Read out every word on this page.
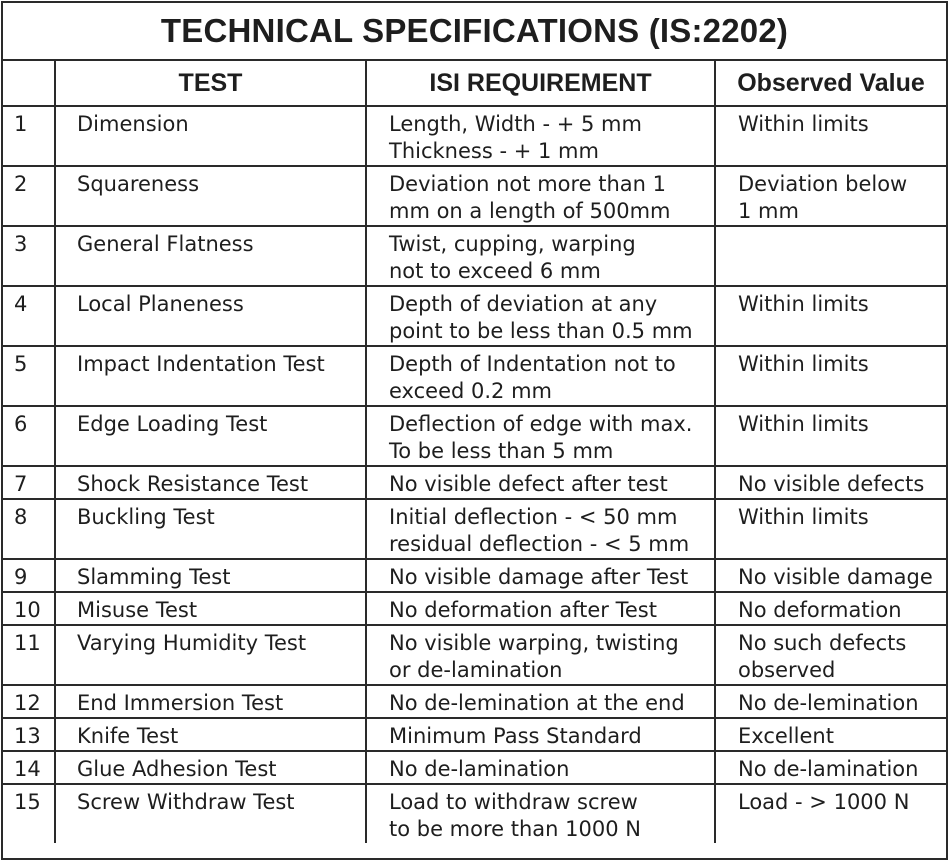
TECHNICAL SPECIFICATIONS (IS:2202)
	TEST	ISI REQUIREMENT	Observed Value
1	Dimension	Length, Width - + 5 mm
Thickness - + 1 mm	Within limits
2	Squareness	Deviation not more than 1
mm on a length of 500mm	Deviation below
1 mm
3	General Flatness	Twist, cupping, warping
not to exceed 6 mm	
4	Local Planeness	Depth of deviation at any
point to be less than 0.5 mm	Within limits
5	Impact Indentation Test	Depth of Indentation not to
exceed 0.2 mm	Within limits
6	Edge Loading Test	Deflection of edge with max.
To be less than 5 mm	Within limits
7	Shock Resistance Test	No visible defect after test	No visible defects
8	Buckling Test	Initial deflection - < 50 mm
residual deflection - < 5 mm	Within limits
9	Slamming Test	No visible damage after Test	No visible damage
10	Misuse Test	No deformation after Test	No deformation
11	Varying Humidity Test	No visible warping, twisting
or de-lamination	No such defects
observed
12	End Immersion Test	No de-lemination at the end	No de-lemination
13	Knife Test	Minimum Pass Standard	Excellent
14	Glue Adhesion Test	No de-lamination	No de-lamination
15	Screw Withdraw Test	Load to withdraw screw
to be more than 1000 N	Load - > 1000 N
